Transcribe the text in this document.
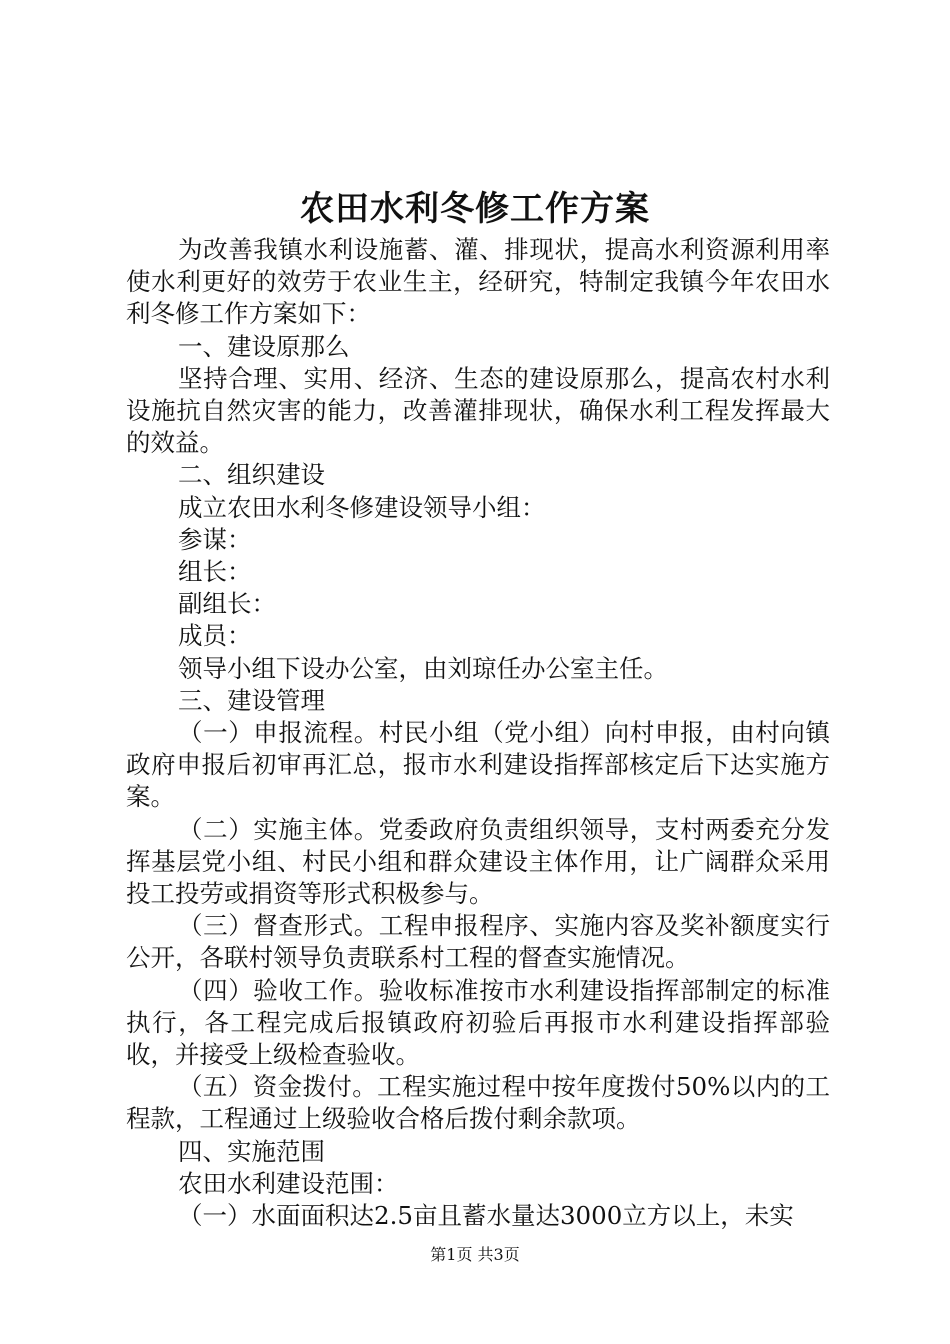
农田水利冬修工作方案

为改善我镇水利设施蓄、灌、排现状，提高水利资源利用率使水利更好的效劳于农业生主，经研究，特制定我镇今年农田水利冬修工作方案如下：

一、建设原那么

坚持合理、实用、经济、生态的建设原那么，提高农村水利设施抗自然灾害的能力，改善灌排现状，确保水利工程发挥最大的效益。

二、组织建设

成立农田水利冬修建设领导小组：

参谋：

组长：

副组长：

成员：

领导小组下设办公室，由刘琼任办公室主任。

三、建设管理

（一）申报流程。村民小组（党小组）向村申报，由村向镇政府申报后初审再汇总，报市水利建设指挥部核定后下达实施方案。

（二）实施主体。党委政府负责组织领导，支村两委充分发挥基层党小组、村民小组和群众建设主体作用，让广阔群众采用投工投劳或捐资等形式积极参与。

（三）督查形式。工程申报程序、实施内容及奖补额度实行公开，各联村领导负责联系村工程的督查实施情况。

（四）验收工作。验收标准按市水利建设指挥部制定的标准执行，各工程完成后报镇政府初验后再报市水利建设指挥部验收，并接受上级检查验收。

（五）资金拨付。工程实施过程中按年度拨付50%以内的工程款，工程通过上级验收合格后拨付剩余款项。

四、实施范围

农田水利建设范围：

（一）水面面积达2.5亩且蓄水量达3000立方以上，未实

第1页 共3页
